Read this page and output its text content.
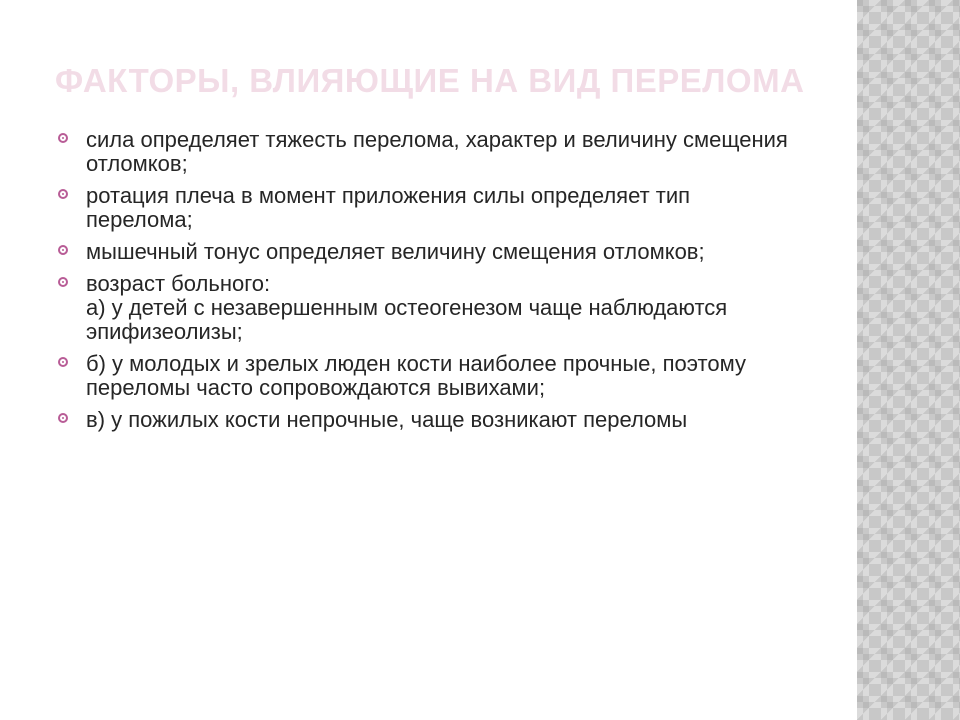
ФАКТОРЫ, ВЛИЯЮЩИЕ НА ВИД ПЕРЕЛОМА
сила определяет тяжесть перелома, характер и величину смещения
отломков;
ротация плеча в момент приложения силы определяет тип
перелома;
мышечный тонус определяет величину смещения отломков;
возраст больного:
а) у детей с незавершенным остеогенезом чаще наблюдаются
эпифизеолизы;
б) у молодых и зрелых люден кости наиболее прочные, поэтому
переломы часто сопровождаются вывихами;
в) у пожилых кости непрочные, чаще возникают переломы
